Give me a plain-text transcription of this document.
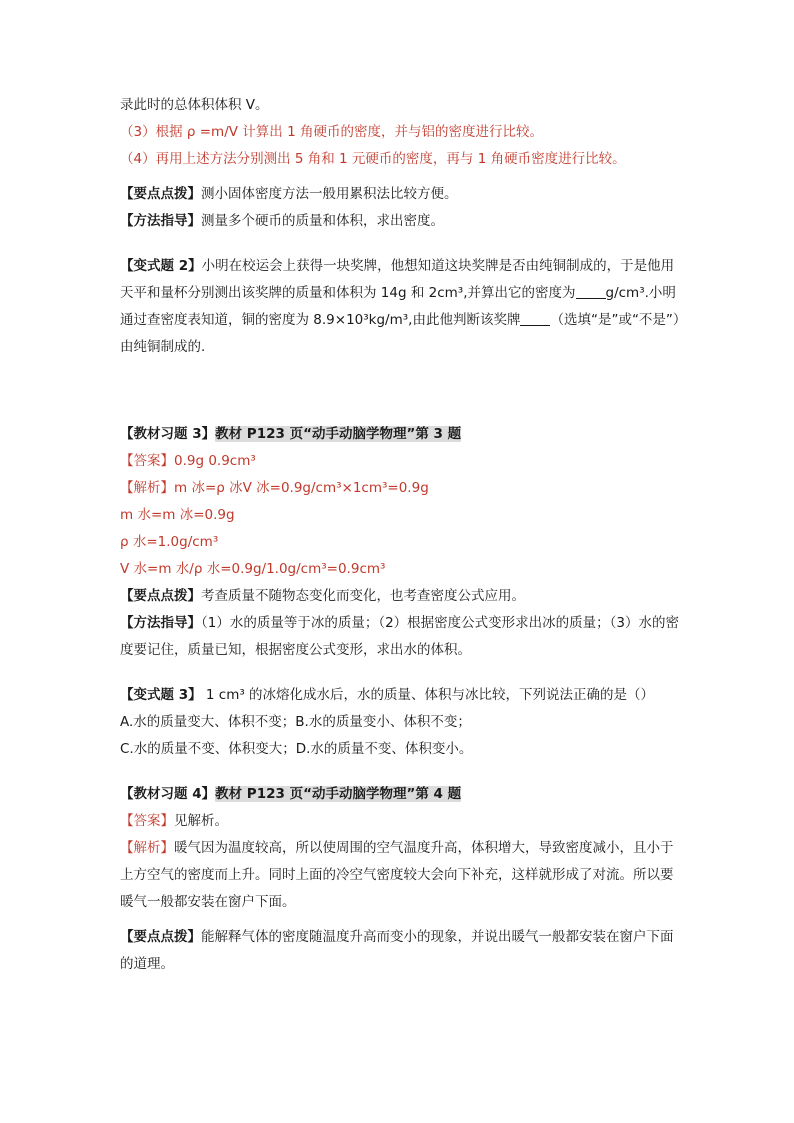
录此时的总体积体积 V。
（3）根据 ρ =m/V 计算出 1 角硬币的密度，并与铝的密度进行比较。
（4）再用上述方法分别测出 5 角和 1 元硬币的密度，再与 1 角硬币密度进行比较。
【要点点拨】测小固体密度方法一般用累积法比较方便。
【方法指导】测量多个硬币的质量和体积，求出密度。
【变式题 2】小明在校运会上获得一块奖牌，他想知道这块奖牌是否由纯铜制成的，于是他用天平和量杯分别测出该奖牌的质量和体积为 14g 和 2cm³,并算出它的密度为 g/cm³.小明通过查密度表知道，铜的密度为 8.9×10³kg/m³,由此他判断该奖牌 （选填“是”或“不是”）由纯铜制成的.
【教材习题 3】教材 P123 页“动手动脑学物理”第 3 题
【答案】0.9g 0.9cm³
【解析】m 冰=ρ 冰V 冰=0.9g/cm³×1cm³=0.9g
m 水=m 冰=0.9g
ρ 水=1.0g/cm³
V 水=m 水/ρ 水=0.9g/1.0g/cm³=0.9cm³
【要点点拨】考查质量不随物态变化而变化，也考查密度公式应用。
【方法指导】（1）水的质量等于冰的质量；（2）根据密度公式变形求出冰的质量；（3）水的密度要记住，质量已知，根据密度公式变形，求出水的体积。
【变式题 3】 1 cm³ 的冰熔化成水后，水的质量、体积与冰比较，下列说法正确的是（）
A.水的质量变大、体积不变；B.水的质量变小、体积不变；
C.水的质量不变、体积变大；D.水的质量不变、体积变小。
【教材习题 4】教材 P123 页“动手动脑学物理”第 4 题
【答案】见解析。
【解析】暖气因为温度较高，所以使周围的空气温度升高，体积增大，导致密度减小，且小于上方空气的密度而上升。同时上面的冷空气密度较大会向下补充，这样就形成了对流。所以要暖气一般都安装在窗户下面。
【要点点拨】能解释气体的密度随温度升高而变小的现象，并说出暖气一般都安装在窗户下面的道理。
